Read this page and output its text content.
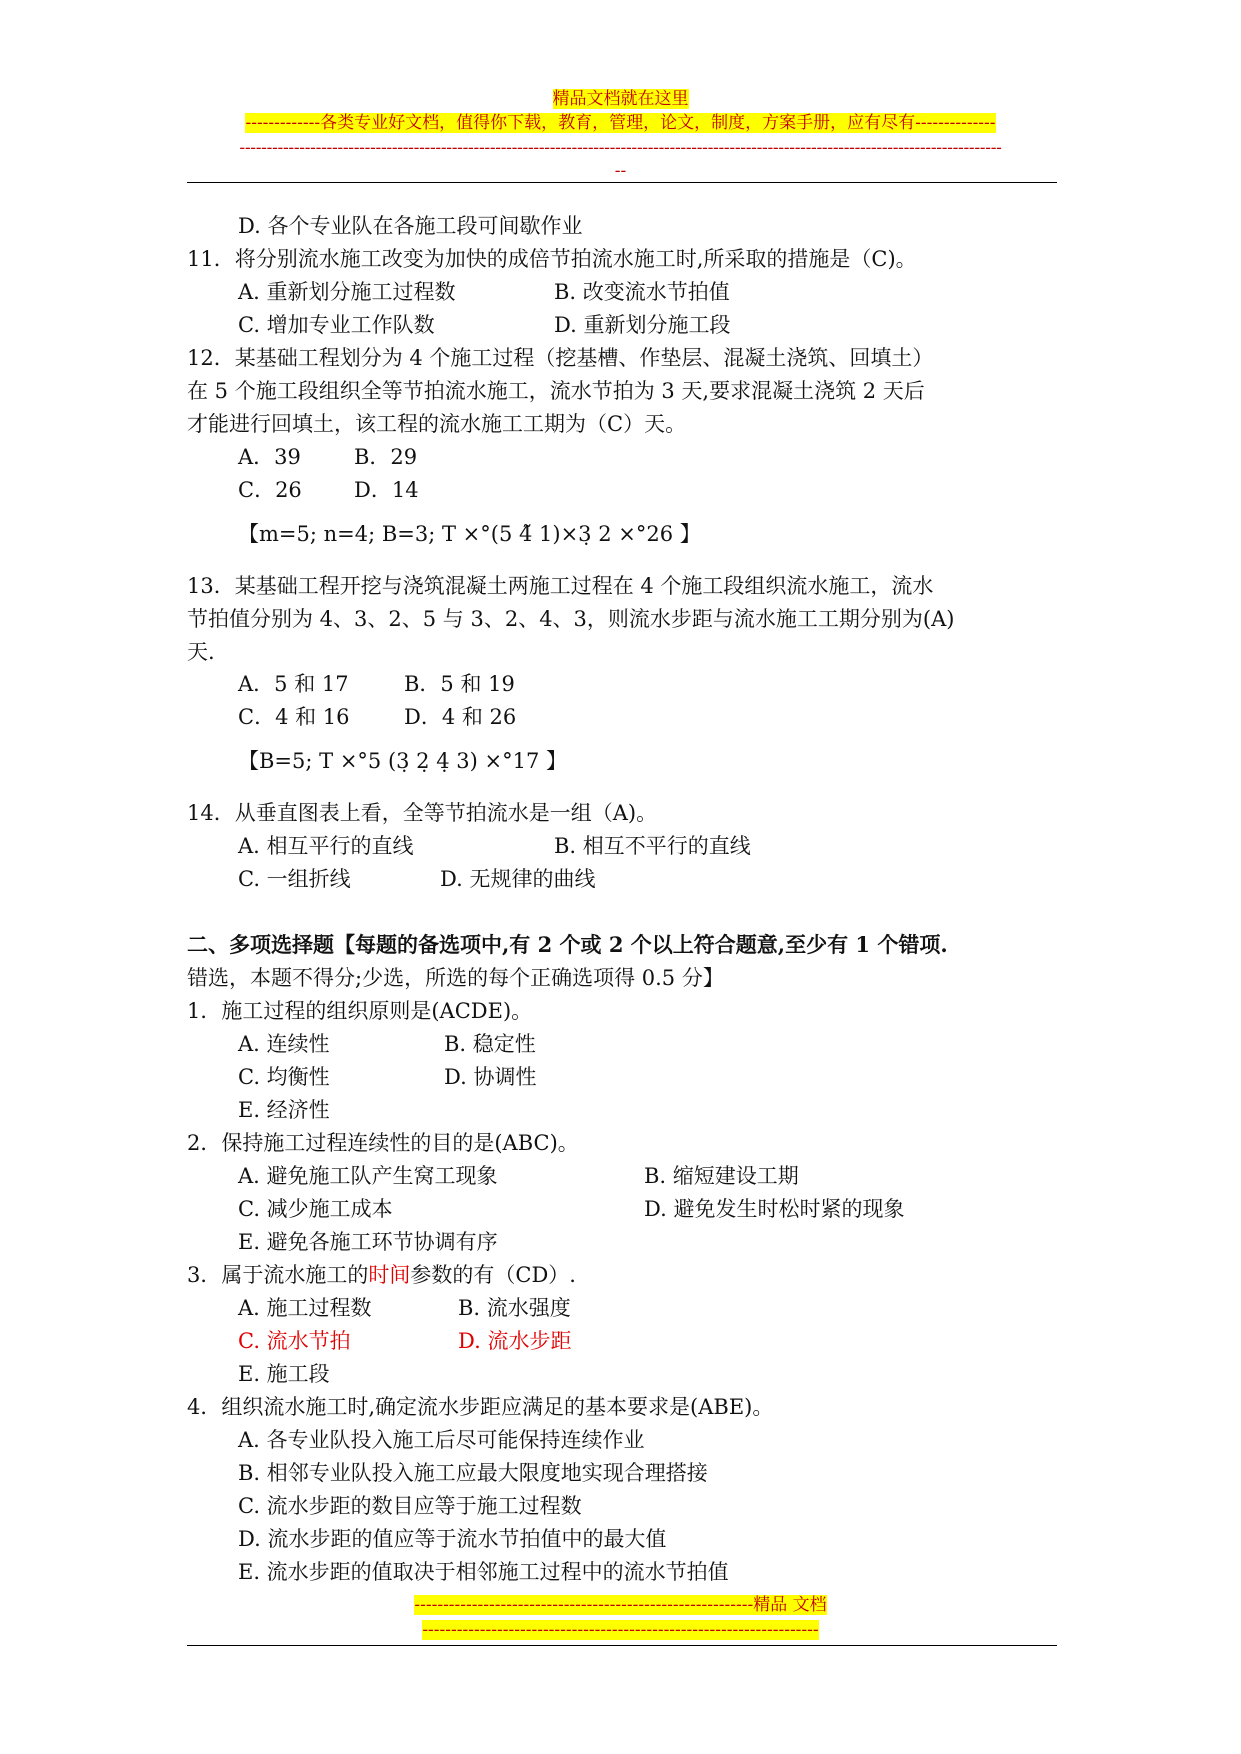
精品文档就在这里
-------------各类专业好文档，值得你下载，教育，管理，论文，制度，方案手册，应有尽有--------------
--------------------------------------------------------------------------------------------------------------------------------------------
--
D. 各个专业队在各施工段可间歇作业
11．将分别流水施工改变为加快的成倍节拍流水施工时,所采取的措施是（C)。
A. 重新划分施工过程数	B. 改变流水节拍值
C. 增加专业工作队数	D. 重新划分施工段
12．某基础工程划分为 4 个施工过程（挖基槽、作垫层、混凝土浇筑、回填土）
在 5 个施工段组织全等节拍流水施工，流水节拍为 3 天,要求混凝土浇筑 2 天后
才能进行回填土，该工程的流水施工工期为（C）天。
A．39	B．29
C．26 D．14
【m=5; n=4; B=3; T ×°(5 4̃ 1)×3̣ 2 ×°26 】
13．某基础工程开挖与浇筑混凝土两施工过程在 4 个施工段组织流水施工，流水
节拍值分别为 4、3、2、5 与 3、2、4、3，则流水步距与流水施工工期分别为(A)
天.
A．5 和 17	B．5 和 19
C．4 和 16	D．4 和 26
【B=5; T ×°5 (3̣ 2̣ 4̣ 3) ×°17 】
14．从垂直图表上看，全等节拍流水是一组（A)。
A. 相互平行的直线	B. 相互不平行的直线
C. 一组折线	D. 无规律的曲线
二、多项选择题【每题的备选项中,有 2 个或 2 个以上符合题意,至少有 1 个错项.
错选，本题不得分;少选，所选的每个正确选项得 0.5 分】
1．施工过程的组织原则是(ACDE)。
A. 连续性	B. 稳定性
C. 均衡性	D. 协调性
E. 经济性
2．保持施工过程连续性的目的是(ABC)。
A. 避免施工队产生窝工现象	B. 缩短建设工期
C. 减少施工成本	D. 避免发生时松时紧的现象
E. 避免各施工环节协调有序
3．属于流水施工的时间参数的有（CD）.
A. 施工过程数	B. 流水强度
C. 流水节拍	D. 流水步距
E. 施工段
4．组织流水施工时,确定流水步距应满足的基本要求是(ABE)。
A. 各专业队投入施工后尽可能保持连续作业
B. 相邻专业队投入施工应最大限度地实现合理搭接
C. 流水步距的数目应等于施工过程数
D. 流水步距的值应等于流水节拍值中的最大值
E. 流水步距的值取决于相邻施工过程中的流水节拍值
-----------------------------------------------------------精品 文档
---------------------------------------------------------------------
